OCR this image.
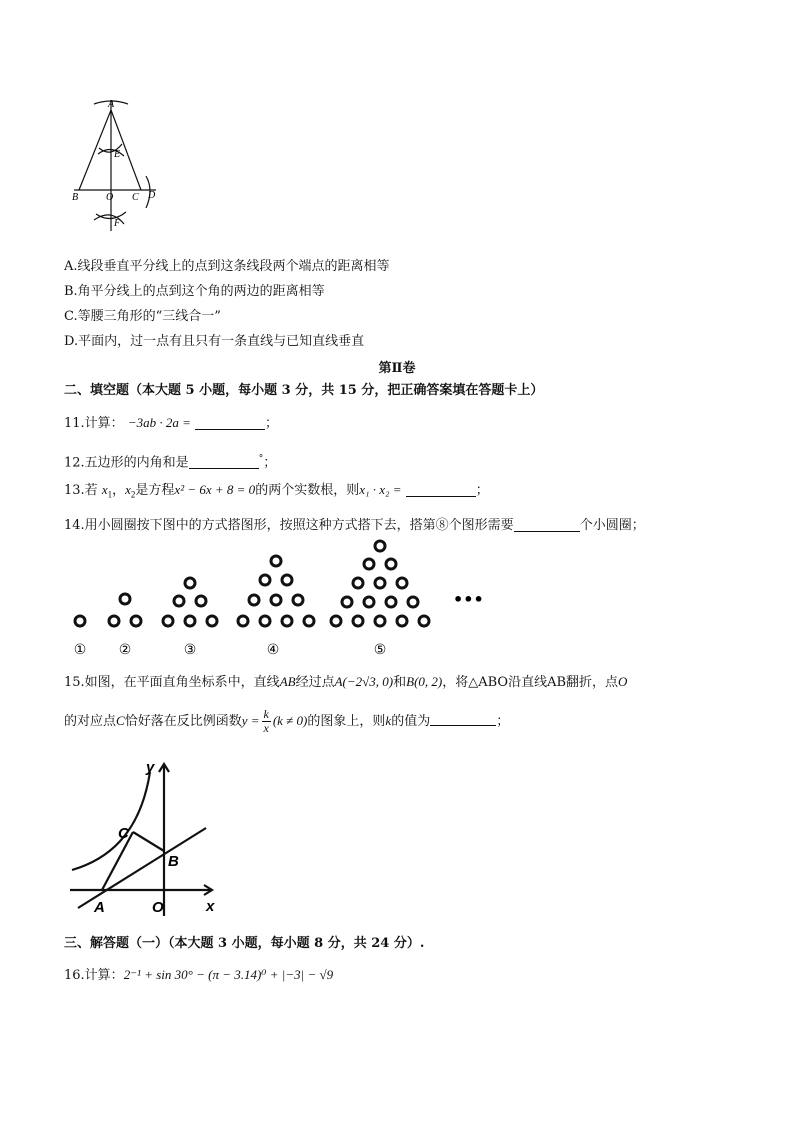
A
E
B	O C D
F
A.线段垂直平分线上的点到这条线段两个端点的距离相等
B.角平分线上的点到这个角的两边的距离相等
C.等腰三角形的“三线合一”
D.平面内，过一点有且只有一条直线与已知直线垂直
第Ⅱ卷
二、填空题（本大题 5 小题，每小题 3 分，共 15 分，把正确答案填在答题卡上）
11.计算： −3ab · 2a =	；
12.五边形的内角和是	°；
13.若 $x_1$，$x_2$是方程x² − 6x + 8 = 0的两个实数根，则x₁ · x₂ =	；
14.用小圆圈按下图中的方式搭图形，按照这种方式搭下去，搭第⑧个图形需要	个小圆圈；
•••
① ②	③	④	⑤
15.如图，在平面直角坐标系中，直线AB经过点A(−2√3, 0)和B(0, 2)，将△ABO沿直线AB翻折，点O
的对应点C恰好落在反比例函数$y = \frac{k}{x} (k \ne 0)$的图象上，则k的值为	；
y
x
C
B
A	O
三、解答题（一）（本大题 3 小题，每小题 8 分，共 24 分）.
16.计算：2⁻¹ + sin 30° − (π − 3.14)⁰ + |−3| − √9
